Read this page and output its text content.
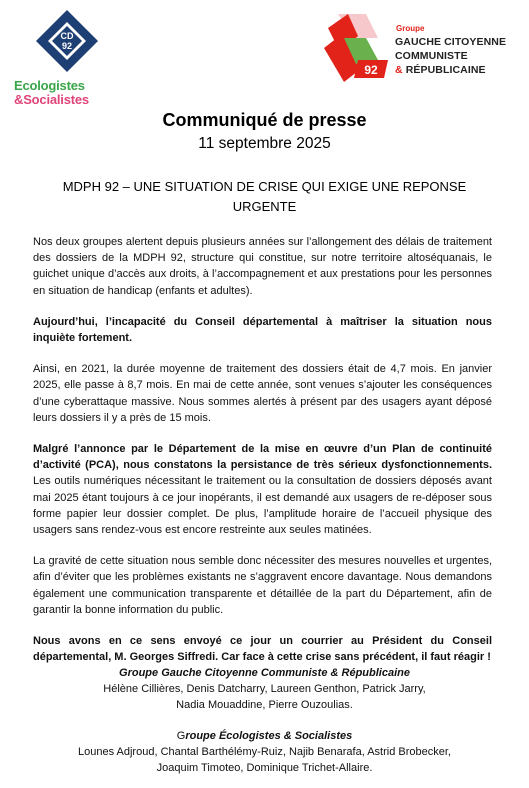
CD
92
Ecologistes
&Socialistes
92
Groupe
GAUCHE CITOYENNE
COMMUNISTE
& RÉPUBLICAINE
Communiqué de presse
11 septembre 2025
MDPH 92 – UNE SITUATION DE CRISE QUI EXIGE UNE REPONSE URGENTE

Nos deux groupes alertent depuis plusieurs années sur l’allongement des délais de traitement des dossiers de la MDPH 92, structure qui constitue, sur notre territoire altoséquanais, le guichet unique d’accès aux droits, à l’accompagnement et aux prestations pour les personnes en situation de handicap (enfants et adultes).

Aujourd’hui, l’incapacité du Conseil départemental à maîtriser la situation nous inquiète fortement.

Ainsi, en 2021, la durée moyenne de traitement des dossiers était de 4,7 mois. En janvier 2025, elle passe à 8,7 mois. En mai de cette année, sont venues s’ajouter les conséquences d’une cyberattaque massive. Nous sommes alertés à présent par des usagers ayant déposé leurs dossiers il y a près de 15 mois.

Malgré l’annonce par le Département de la mise en œuvre d’un Plan de continuité d’activité (PCA), nous constatons la persistance de très sérieux dysfonctionnements. Les outils numériques nécessitant le traitement ou la consultation de dossiers déposés avant mai 2025 étant toujours à ce jour inopérants, il est demandé aux usagers de re-déposer sous forme papier leur dossier complet. De plus, l’amplitude horaire de l’accueil physique des usagers sans rendez-vous est encore restreinte aux seules matinées.

La gravité de cette situation nous semble donc nécessiter des mesures nouvelles et urgentes, afin d’éviter que les problèmes existants ne s’aggravent encore davantage. Nous demandons également une communication transparente et détaillée de la part du Département, afin de garantir la bonne information du public.

Nous avons en ce sens envoyé ce jour un courrier au Président du Conseil départemental, M. Georges Siffredi. Car face à cette crise sans précédent, il faut réagir !

Groupe Gauche Citoyenne Communiste & Républicaine
Hélène Cillières, Denis Datcharry, Laureen Genthon, Patrick Jarry,
Nadia Mouaddine, Pierre Ouzoulias.
Groupe Écologistes & Socialistes
Lounes Adjroud, Chantal Barthélémy-Ruiz, Najib Benarafa, Astrid Brobecker,
Joaquim Timoteo, Dominique Trichet-Allaire.
